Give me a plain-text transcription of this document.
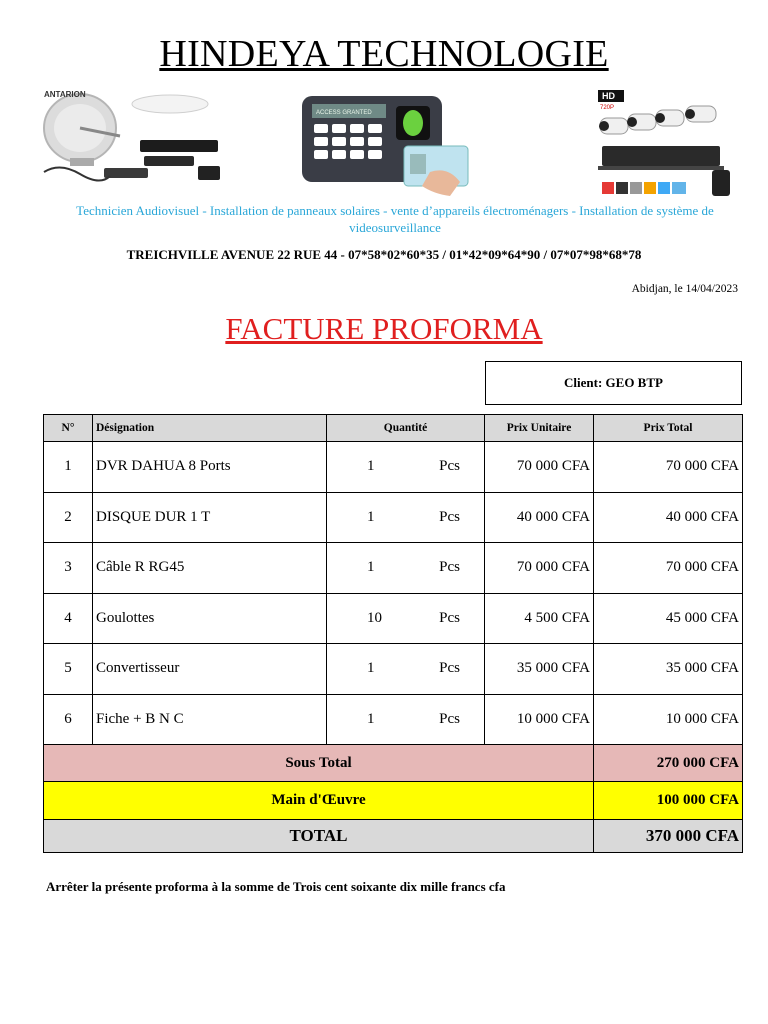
HINDEYA TECHNOLOGIE
ANTARION
ACCESS GRANTED
HD
720P
Technicien Audiovisuel - Installation de panneaux solaires - vente d’appareils électroménagers - Installation de système de videosurveillance
TREICHVILLE AVENUE 22 RUE 44 - 07*58*02*60*35 / 01*42*09*64*90 / 07*07*98*68*78
Abidjan, le 14/04/2023
FACTURE PROFORMA
Client: GEO BTP
N°	Désignation	Quantité	Prix Unitaire	Prix Total
1	DVR DAHUA 8 Ports	1 Pcs	70 000 CFA	70 000 CFA
2	DISQUE DUR 1 T	1 Pcs	40 000 CFA	40 000 CFA
3	Câble R RG45	1 Pcs	70 000 CFA	70 000 CFA
4	Goulottes	10 Pcs	4 500 CFA	45 000 CFA
5	Convertisseur	1 Pcs	35 000 CFA	35 000 CFA
6	Fiche + B N C	1 Pcs	10 000 CFA	10 000 CFA
Sous Total				270 000 CFA
Main d'Œuvre				100 000 CFA
TOTAL				370 000 CFA
Arrêter la présente proforma à la somme de Trois cent soixante dix mille francs cfa
